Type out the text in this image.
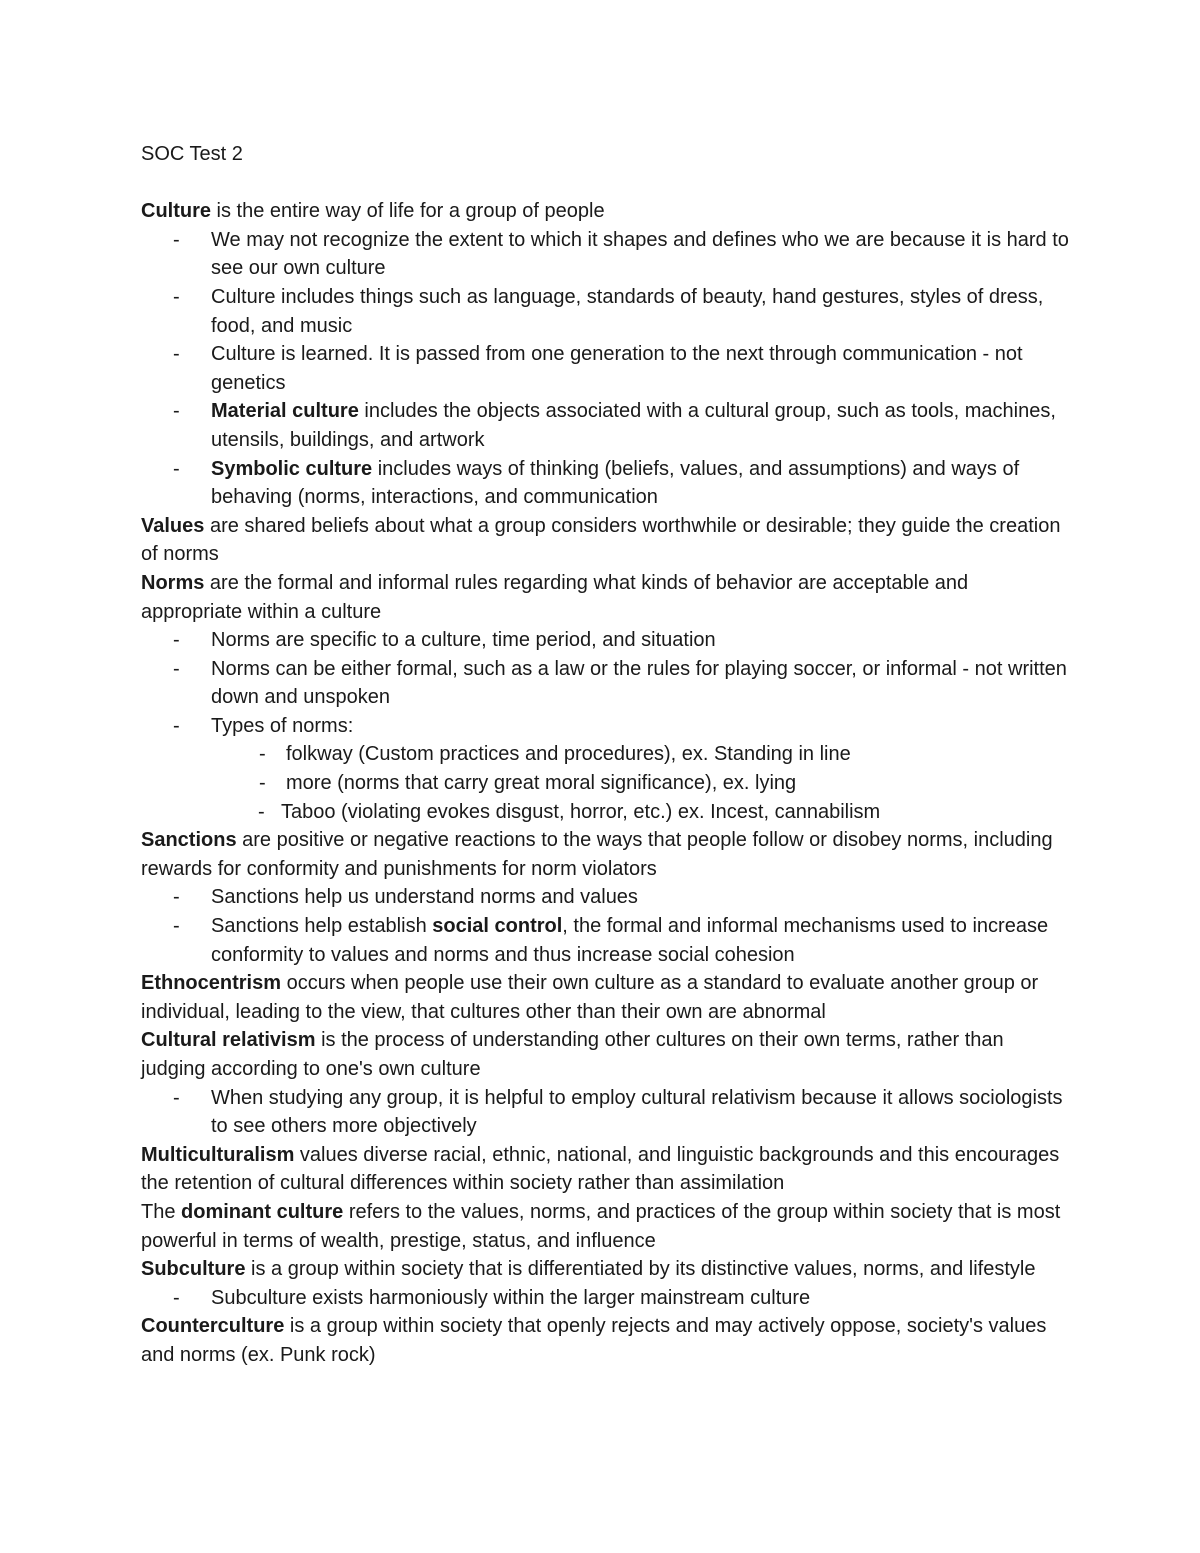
SOC Test 2

Culture is the entire way of life for a group of people

- We may not recognize the extent to which it shapes and defines who we are because it is hard to see our own culture

- Culture includes things such as language, standards of beauty, hand gestures, styles of dress, food, and music

- Culture is learned. It is passed from one generation to the next through communication - not genetics

- Material culture includes the objects associated with a cultural group, such as tools, machines, utensils, buildings, and artwork

- Symbolic culture includes ways of thinking (beliefs, values, and assumptions) and ways of behaving (norms, interactions, and communication

Values are shared beliefs about what a group considers worthwhile or desirable; they guide the creation of norms

Norms are the formal and informal rules regarding what kinds of behavior are acceptable and appropriate within a culture

- Norms are specific to a culture, time period, and situation

- Norms can be either formal, such as a law or the rules for playing soccer, or informal - not written down and unspoken

- Types of norms:

- folkway (Custom practices and procedures), ex. Standing in line

- more (norms that carry great moral significance), ex. lying

- Taboo (violating evokes disgust, horror, etc.) ex. Incest, cannabilism

Sanctions are positive or negative reactions to the ways that people follow or disobey norms, including rewards for conformity and punishments for norm violators

- Sanctions help us understand norms and values

- Sanctions help establish social control, the formal and informal mechanisms used to increase conformity to values and norms and thus increase social cohesion

Ethnocentrism occurs when people use their own culture as a standard to evaluate another group or individual, leading to the view, that cultures other than their own are abnormal

Cultural relativism is the process of understanding other cultures on their own terms, rather than judging according to one's own culture

- When studying any group, it is helpful to employ cultural relativism because it allows sociologists to see others more objectively

Multiculturalism values diverse racial, ethnic, national, and linguistic backgrounds and this encourages the retention of cultural differences within society rather than assimilation

The dominant culture refers to the values, norms, and practices of the group within society that is most powerful in terms of wealth, prestige, status, and influence

Subculture is a group within society that is differentiated by its distinctive values, norms, and lifestyle

- Subculture exists harmoniously within the larger mainstream culture

Counterculture is a group within society that openly rejects and may actively oppose, society's values and norms (ex. Punk rock)
